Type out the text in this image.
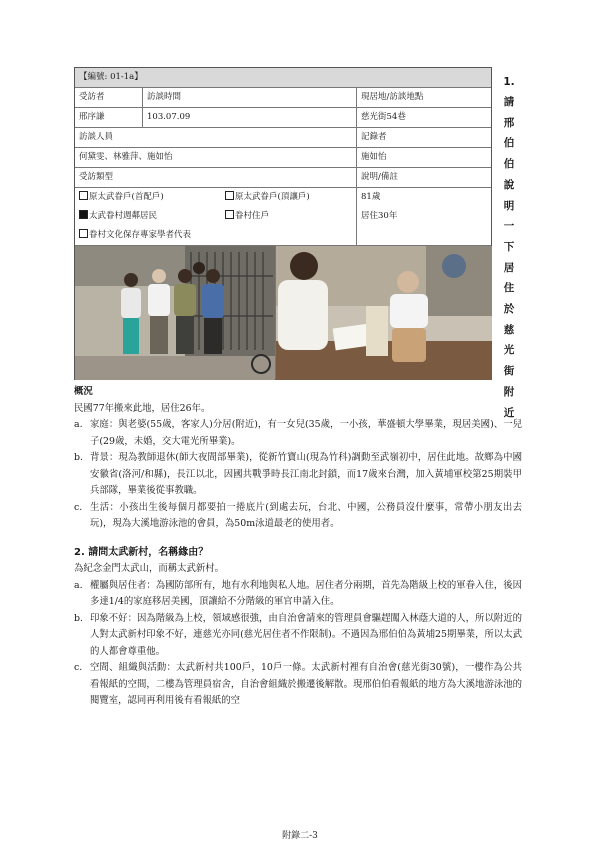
【編號: 01-1a】
受訪者	訪談時間	現居地/訪談地點
邢序謙	103.07.09	慈光街54巷
訪談人員	記錄者
何黛雯、林雅萍、施如怡	施如怡
受訪類型	說明/備註
原太武眷戶(首配戶)	原太武眷戶(頂讓戶)
太武眷村週鄰居民	眷村住戶
眷村文化保存專家學者代表
81歲
居住30年
1.
請
邢
伯
伯
說
明
一
下
居
住
於
慈
光
街
附
近

概況

民國77年搬來此地，居住26年。

a. 家庭：與老婆(55歲，客家人)分居(附近)，有一女兒(35歲，一小孩，華盛頓大學畢業，現居美國)、一兒子(29歲，未婚，交大電光所畢業)。
b. 背景：現為教師退休(師大夜間部畢業)，從新竹寶山(現為竹科)調動至武嶺初中，居住此地。故鄉為中國安徽省(洛河/和縣)，長江以北，因國共戰爭時長江南北封鎖，而17歲來台灣，加入黃埔軍校第25期裝甲兵部隊，畢業後從事教職。
c. 生活：小孩出生後每個月都要拍一捲底片(到處去玩，台北、中國，公務員沒什麼事，常帶小朋友出去玩)，現為大溪地游泳池的會員，為50m泳道最老的使用者。

2. 請問太武新村，名稱緣由？

為紀念金門太武山，而稱太武新村。

a. 權屬與居住者：為國防部所有，地有水利地與私人地。居住者分兩期，首先為階級上校的軍眷入住，後因多達1/4的家庭移居美國，頂讓給不分階級的軍官申請入住。
b. 印象不好：因為階級為上校，領域感很強，由自治會請來的管理員會驅趕闖入林蔭大道的人，所以附近的人對太武新村印象不好，連慈光亦同(慈光居住者不作限制)。不過因為邢伯伯為黃埔25期畢業，所以太武的人都會尊重他。
c. 空間、組織與活動：太武新村共100戶，10戶一條。太武新村裡有自治會(慈光街30號)，一樓作為公共看報紙的空間，二樓為管理員宿舍，自治會組織於搬遷後解散。現邢伯伯看報紙的地方為大溪地游泳池的閱覽室，認同再利用後有看報紙的空
附錄二-3
